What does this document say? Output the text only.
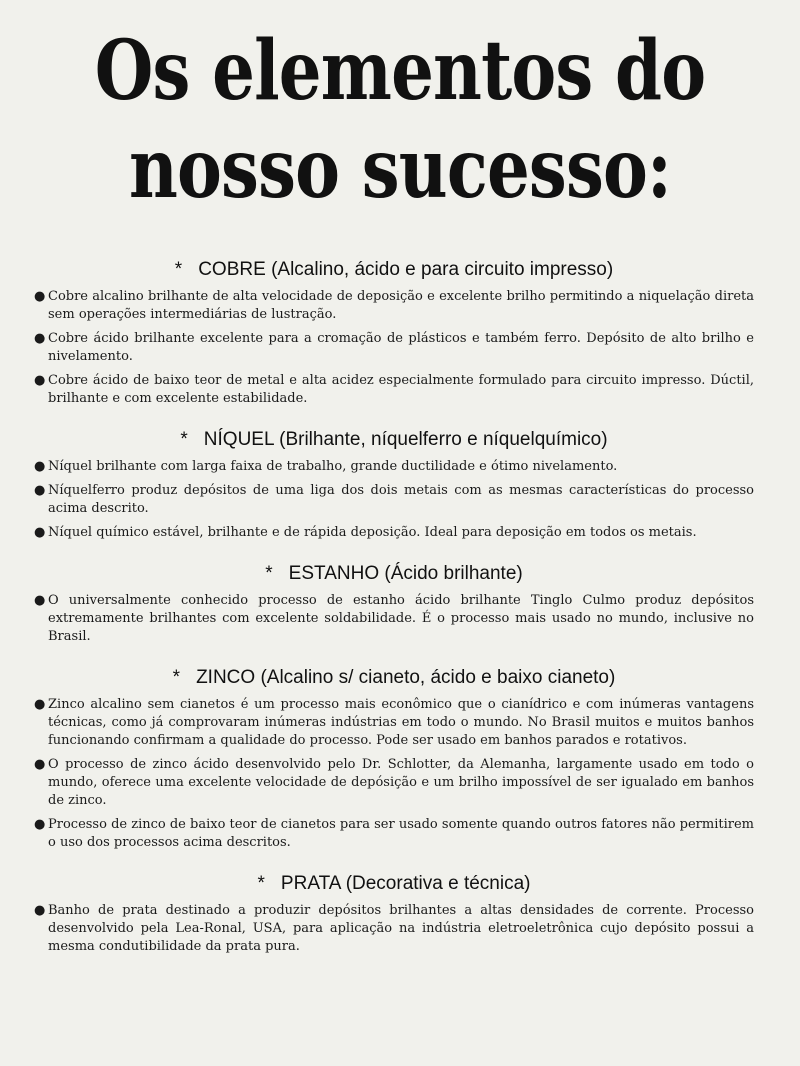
Os elementos do
nosso sucesso:
* COBRE (Alcalino, ácido e para circuito impresso)

● Cobre alcalino brilhante de alta velocidade de deposição e excelente brilho permitindo a niquelação direta sem operações intermediárias de lustração.

● Cobre ácido brilhante excelente para a cromação de plásticos e também ferro. Depósito de alto brilho e nivelamento.

● Cobre ácido de baixo teor de metal e alta acidez especialmente formulado para circuito impresso. Dúctil, brilhante e com excelente estabilidade.

* NÍQUEL (Brilhante, níquelferro e níquelquímico)

● Níquel brilhante com larga faixa de trabalho, grande ductilidade e ótimo nivelamento.

● Níquelferro produz depósitos de uma liga dos dois metais com as mesmas características do processo acima descrito.

● Níquel químico estável, brilhante e de rápida deposição. Ideal para deposição em todos os metais.

* ESTANHO (Ácido brilhante)

● O universalmente conhecido processo de estanho ácido brilhante Tinglo Culmo produz depósitos extremamente brilhantes com excelente soldabilidade. É o processo mais usado no mundo, inclusive no Brasil.

* ZINCO (Alcalino s/ cianeto, ácido e baixo cianeto)

● Zinco alcalino sem cianetos é um processo mais econômico que o cianídrico e com inúmeras vantagens técnicas, como já comprovaram inúmeras indústrias em todo o mundo. No Brasil muitos e muitos banhos funcionando confirmam a qualidade do processo. Pode ser usado em banhos parados e rotativos.

● O processo de zinco ácido desenvolvido pelo Dr. Schlotter, da Alemanha, largamente usado em todo o mundo, oferece uma excelente velocidade de depósição e um brilho impossível de ser igualado em banhos de zinco.

● Processo de zinco de baixo teor de cianetos para ser usado somente quando outros fatores não permitirem o uso dos processos acima descritos.

* PRATA (Decorativa e técnica)

● Banho de prata destinado a produzir depósitos brilhantes a altas densidades de corrente. Processo desenvolvido pela Lea-Ronal, USA, para aplicação na indústria eletroeletrônica cujo depósito possui a mesma condutibilidade da prata pura.
